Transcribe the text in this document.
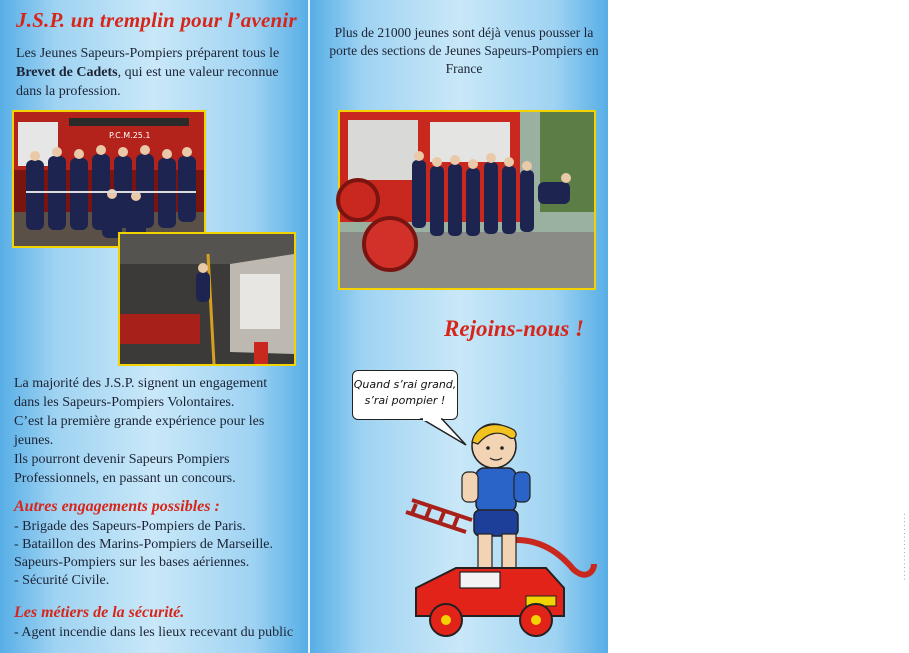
J.S.P. un tremplin pour l’avenir

Les Jeunes Sapeurs-Pompiers préparent tous le Brevet de Cadets, qui est une valeur reconnue dans la profession.

P.C.M.25.1
La majorité des J.S.P. signent un engagement dans les Sapeurs-Pompiers Volontaires.
C’est la première grande expérience pour les jeunes.
Ils pourront devenir Sapeurs Pompiers Professionnels, en passant un concours.
Autres engagements possibles :
- Brigade des Sapeurs-Pompiers de Paris.
- Bataillon des Marins-Pompiers de Marseille.
Sapeurs-Pompiers sur les bases aériennes.
- Sécurité Civile.
Les métiers de la sécurité.
- Agent incendie dans les lieux recevant du public

Plus de 21000 jeunes sont déjà venus pousser la porte des sections de Jeunes Sapeurs-Pompiers en France

Rejoins-nous !
· · · · · · · · · · · · · · · · · ·
Quand s’rai grand,
s’rai pompier !
